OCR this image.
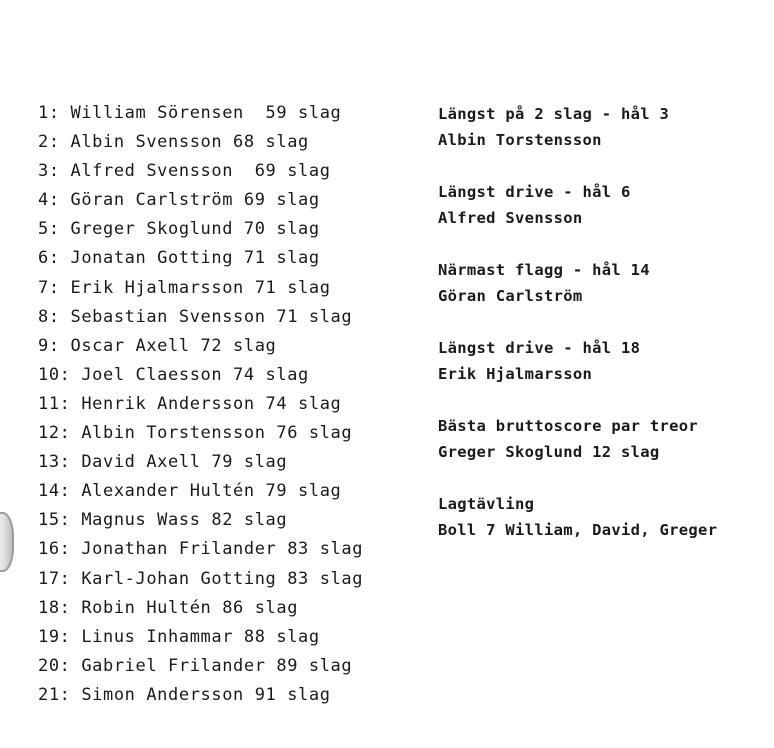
1: William Sörensen  59 slag
2: Albin Svensson 68 slag
3: Alfred Svensson  69 slag
4: Göran Carlström 69 slag
5: Greger Skoglund 70 slag
6: Jonatan Gotting 71 slag
7: Erik Hjalmarsson 71 slag
8: Sebastian Svensson 71 slag
9: Oscar Axell 72 slag
10: Joel Claesson 74 slag
11: Henrik Andersson 74 slag
12: Albin Torstensson 76 slag
13: David Axell 79 slag
14: Alexander Hultén 79 slag
15: Magnus Wass 82 slag
16: Jonathan Frilander 83 slag
17: Karl-Johan Gotting 83 slag
18: Robin Hultén 86 slag
19: Linus Inhammar 88 slag
20: Gabriel Frilander 89 slag
21: Simon Andersson 91 slag
Längst på 2 slag - hål 3
Albin Torstensson
Längst drive - hål 6
Alfred Svensson
Närmast flagg - hål 14
Göran Carlström
Längst drive - hål 18
Erik Hjalmarsson
Bästa bruttoscore par treor
Greger Skoglund 12 slag
Lagtävling
Boll 7 William, David, Greger
